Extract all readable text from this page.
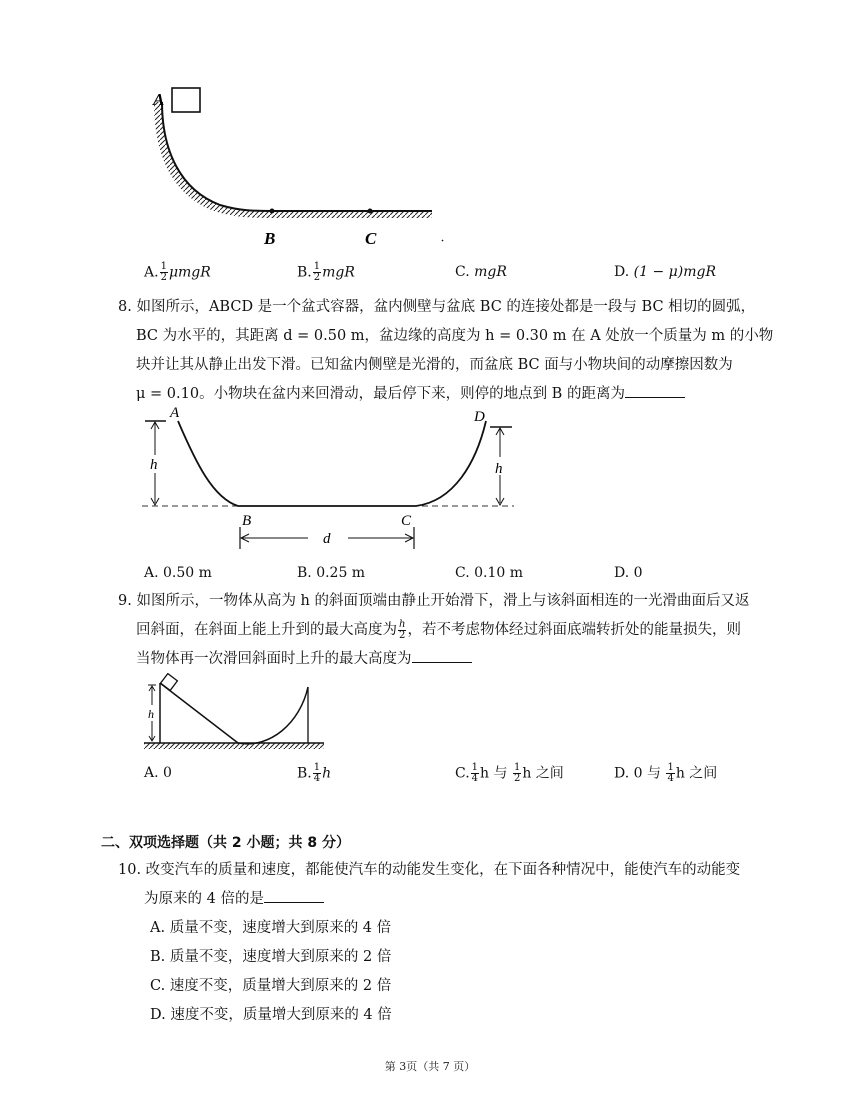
A
B	C
A. $\frac{1}{2}$ μmgR	B. $\frac{1}{2}$ mgR	C. mgR	D. (1 − μ)mgR
8. 如图所示，ABCD 是一个盆式容器，盆内侧壁与盆底 BC 的连接处都是一段与 BC 相切的圆弧，
BC 为水平的，其距离 d = 0.50 m，盆边缘的高度为 h = 0.30 m 在 A 处放一个质量为 m 的小物
块并让其从静止出发下滑。已知盆内侧壁是光滑的，而盆底 BC 面与小物块间的动摩擦因数为
μ = 0.10。小物块在盆内来回滑动，最后停下来，则停的地点到 B 的距离为
A	D
B	C
h	h
d
A. 0.50 m	B. 0.25 m	C. 0.10 m	D. 0
9. 如图所示，一物体从高为 h 的斜面顶端由静止开始滑下，滑上与该斜面相连的一光滑曲面后又返
回斜面，在斜面上能上升到的最大高度为 $\frac{h}{2}$ ，若不考虑物体经过斜面底端转折处的能量损失，则
当物体再一次滑回斜面时上升的最大高度为
h
A. 0	B. $\frac{1}{4}$ h	C. $\frac{1}{4}$ h 与 $\frac{1}{2}$ h 之间	D. 0 与 $\frac{1}{4}$ h 之间
二、双项选择题（共 2 小题；共 8 分）
10. 改变汽车的质量和速度，都能使汽车的动能发生变化，在下面各种情况中，能使汽车的动能变
为原来的 4 倍的是
A. 质量不变，速度增大到原来的 4 倍
B. 质量不变，速度增大到原来的 2 倍
C. 速度不变，质量增大到原来的 2 倍
D. 速度不变，质量增大到原来的 4 倍
第 3页（共 7 页）
